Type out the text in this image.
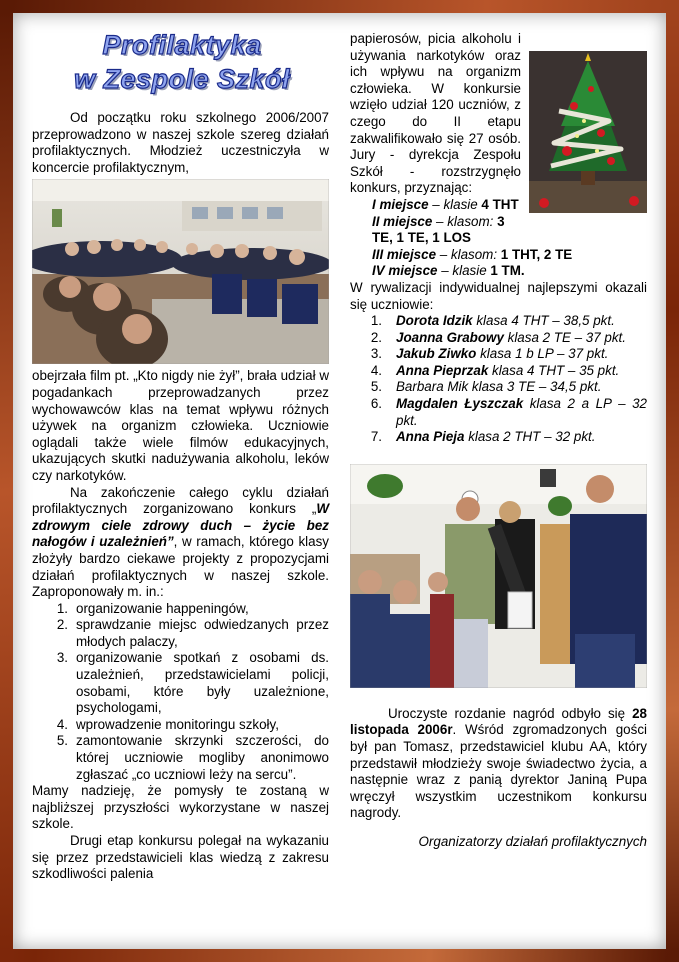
Profilaktyka
w Zespole Szkół

Od początku roku szkolnego 2006/2007 przeprowadzono w naszej szkole szereg działań profilaktycznych. Młodzież uczestniczyła w koncercie profilaktycznym,

obejrzała film pt. „Kto nigdy nie żył”, brała udział w pogadankach przeprowadzanych przez wychowawców klas na temat wpływu różnych używek na organizm człowieka. Uczniowie oglądali także wiele filmów edukacyjnych, ukazujących skutki nadużywania alkoholu, leków czy narkotyków.

Na zakończenie całego cyklu działań profilaktycznych zorganizowano konkurs „W zdrowym ciele zdrowy duch – życie bez nałogów i uzależnień”, w ramach, którego klasy złożyły bardzo ciekawe projekty z propozycjami działań profilaktycznych w naszej szkole. Zaproponowały m. in.:

1. organizowanie happeningów,

2. sprawdzanie miejsc odwiedzanych przez młodych palaczy,

3. organizowanie spotkań z osobami ds. uzależnień, przedstawicielami policji, osobami, które były uzależnione, psychologami,

4. wprowadzenie monitoringu szkoły,

5. zamontowanie skrzynki szczerości, do której uczniowie mogliby anonimowo zgłaszać „co uczniowi leży na sercu”.

Mamy nadzieję, że pomysły te zostaną w najbliższej przyszłości wykorzystane w naszej szkole.

Drugi etap konkursu polegał na wykazaniu się przez przedstawicieli klas wiedzą z zakresu szkodliwości palenia

papierosów, picia alkoholu i używania narkotyków oraz ich wpływu na organizm człowieka. W konkursie wzięło udział 120 uczniów, z czego do II etapu zakwalifikowało się 27 osób. Jury - dyrekcja Zespołu Szkół - rozstrzygnęło konkurs, przyznając:

I miejsce – klasie 4 THT
II miejsce – klasom: 3 TE, 1 TE, 1 LOS
III miejsce – klasom: 1 THT, 2 TE
IV miejsce – klasie 1 TM.

W rywalizacji indywidualnej najlepszymi okazali się uczniowie:

1. Dorota Idzik klasa 4 THT – 38,5 pkt.

2. Joanna Grabowy klasa 2 TE – 37 pkt.

3. Jakub Ziwko klasa 1 b LP – 37 pkt.

4. Anna Pieprzak klasa 4 THT – 35 pkt.

5. Barbara Mik klasa 3 TE – 34,5 pkt.

6. Magdalen Łyszczak klasa 2 a LP – 32 pkt.

7. Anna Pieja klasa 2 THT – 32 pkt.

Uroczyste rozdanie nagród odbyło się 28 listopada 2006r. Wśród zgromadzonych gości był pan Tomasz, przedstawiciel klubu AA, który przedstawił młodzieży swoje świadectwo życia, a następnie wraz z panią dyrektor Janiną Pupa wręczył wszystkim uczestnikom konkursu nagrody.

Organizatorzy działań profilaktycznych
